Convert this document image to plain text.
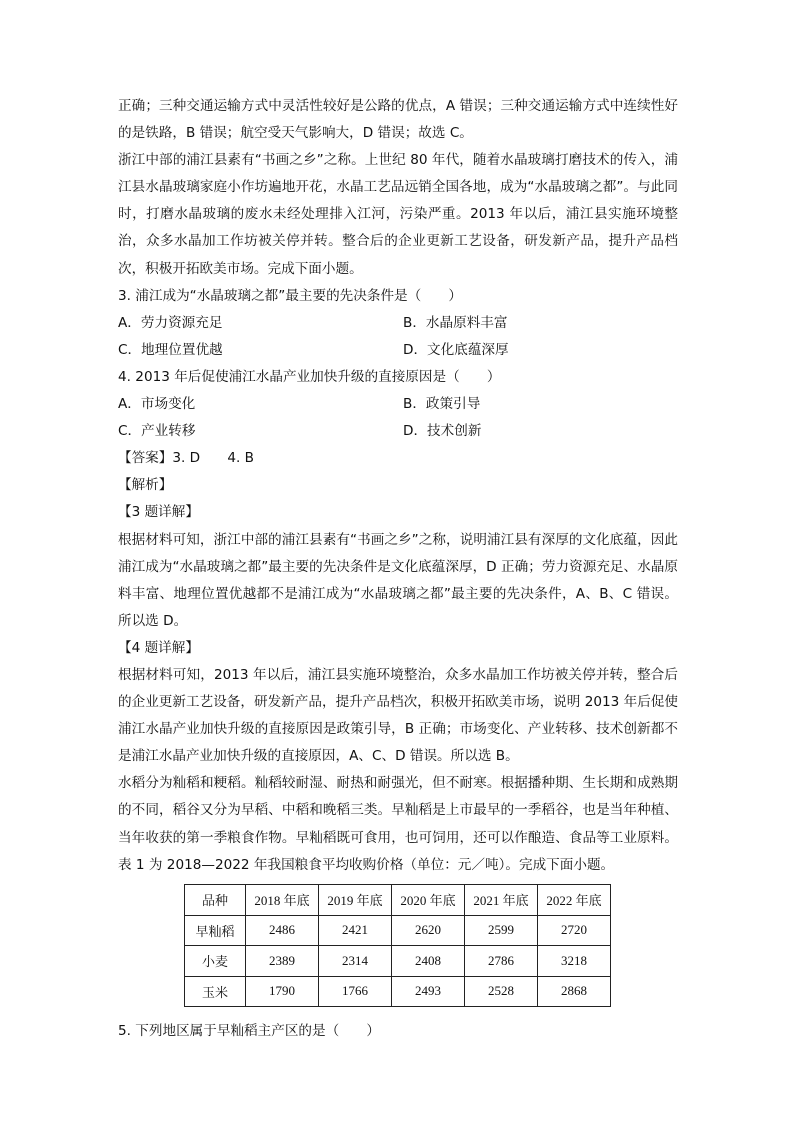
正确；三种交通运输方式中灵活性较好是公路的优点，A 错误；三种交通运输方式中连续性好的是铁路，B 错误；航空受天气影响大，D 错误；故选 C。

浙江中部的浦江县素有“书画之乡”之称。上世纪 80 年代，随着水晶玻璃打磨技术的传入，浦江县水晶玻璃家庭小作坊遍地开花，水晶工艺品远销全国各地，成为“水晶玻璃之都”。与此同时，打磨水晶玻璃的废水未经处理排入江河，污染严重。2013 年以后，浦江县实施环境整治，众多水晶加工作坊被关停并转。整合后的企业更新工艺设备，研发新产品，提升产品档次，积极开拓欧美市场。完成下面小题。

3. 浦江成为“水晶玻璃之都”最主要的先决条件是（　　）

A．劳力资源充足	B．水晶原料丰富

C．地理位置优越	D．文化底蕴深厚

4. 2013 年后促使浦江水晶产业加快升级的直接原因是（　　）

A．市场变化	B．政策引导

C．产业转移	D．技术创新

【答案】3. D　　4. B

【解析】

【3 题详解】

根据材料可知，浙江中部的浦江县素有“书画之乡”之称，说明浦江县有深厚的文化底蕴，因此浦江成为“水晶玻璃之都”最主要的先决条件是文化底蕴深厚，D 正确；劳力资源充足、水晶原料丰富、地理位置优越都不是浦江成为“水晶玻璃之都”最主要的先决条件，A、B、C 错误。所以选 D。

【4 题详解】

根据材料可知，2013 年以后，浦江县实施环境整治，众多水晶加工作坊被关停并转，整合后的企业更新工艺设备，研发新产品，提升产品档次，积极开拓欧美市场，说明 2013 年后促使浦江水晶产业加快升级的直接原因是政策引导，B 正确；市场变化、产业转移、技术创新都不是浦江水晶产业加快升级的直接原因，A、C、D 错误。所以选 B。

水稻分为籼稻和粳稻。籼稻较耐湿、耐热和耐强光，但不耐寒。根据播种期、生长期和成熟期的不同，稻谷又分为早稻、中稻和晚稻三类。早籼稻是上市最早的一季稻谷，也是当年种植、当年收获的第一季粮食作物。早籼稻既可食用，也可饲用，还可以作酿造、食品等工业原料。表 1 为 2018—2022 年我国粮食平均收购价格（单位：元／吨）。完成下面小题。

品种	2018 年底	2019 年底	2020 年底	2021 年底	2022 年底
早籼稻	2486	2421	2620	2599	2720
小麦	2389	2314	2408	2786	3218
玉米	1790	1766	2493	2528	2868

5. 下列地区属于早籼稻主产区的是（　　）
